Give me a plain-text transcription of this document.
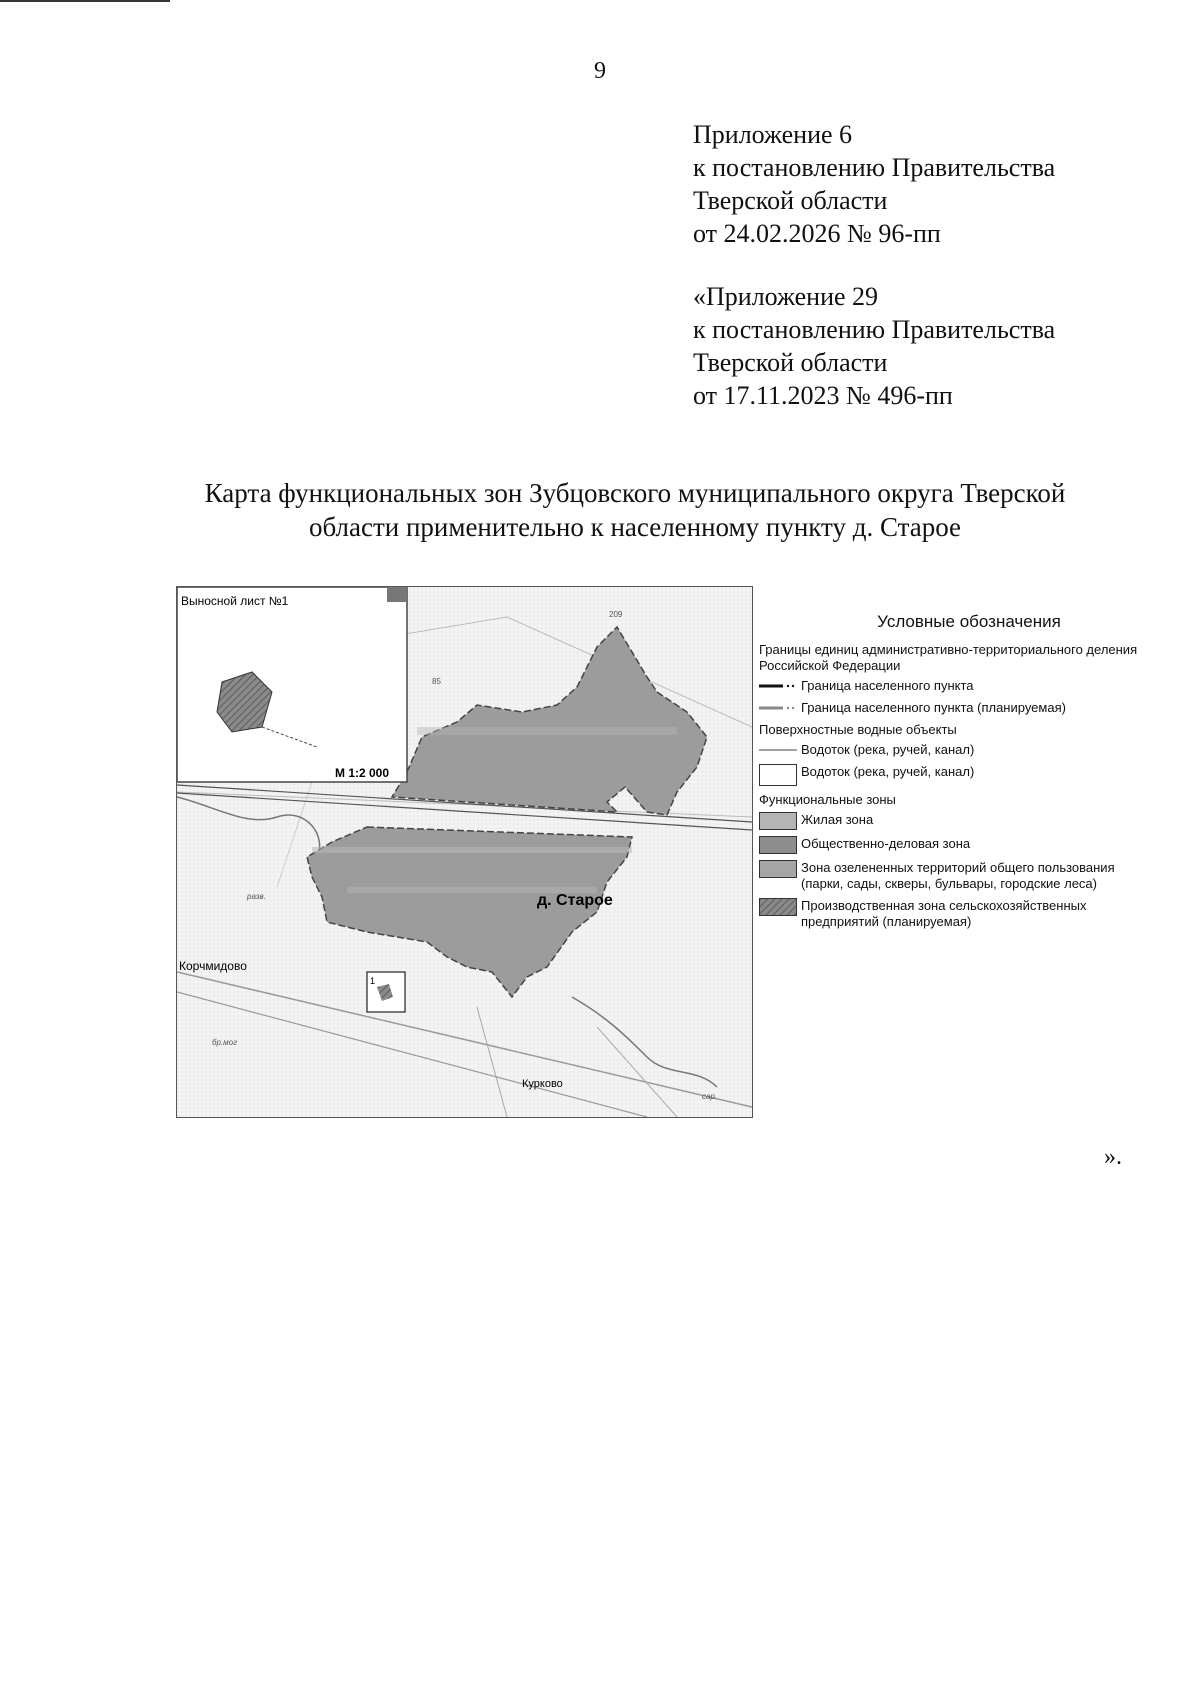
9
Приложение 6
к постановлению Правительства
Тверской области
от 24.02.2026 № 96-пп
«Приложение 29
к постановлению Правительства
Тверской области
от 17.11.2023 № 496-пп
Карта функциональных зон Зубцовского муниципального округа Тверской
области применительно к населенному пункту д. Старое
Выносной лист №1
М 1:2 000
1
д. Старое
Корчмидово
Курково
разв.
бр.мог
сар.
209
85
Условные обозначения
Границы единиц административно-территориального деления Российской Федерации
Граница населенного пункта
Граница населенного пункта (планируемая)
Поверхностные водные объекты
Водоток (река, ручей, канал)
Водоток (река, ручей, канал)
Функциональные зоны
Жилая зона
Общественно-деловая зона
Зона озелененных территорий общего пользования (парки, сады, скверы, бульвары, городские леса)
Производственная зона сельскохозяйственных предприятий (планируемая)
».
